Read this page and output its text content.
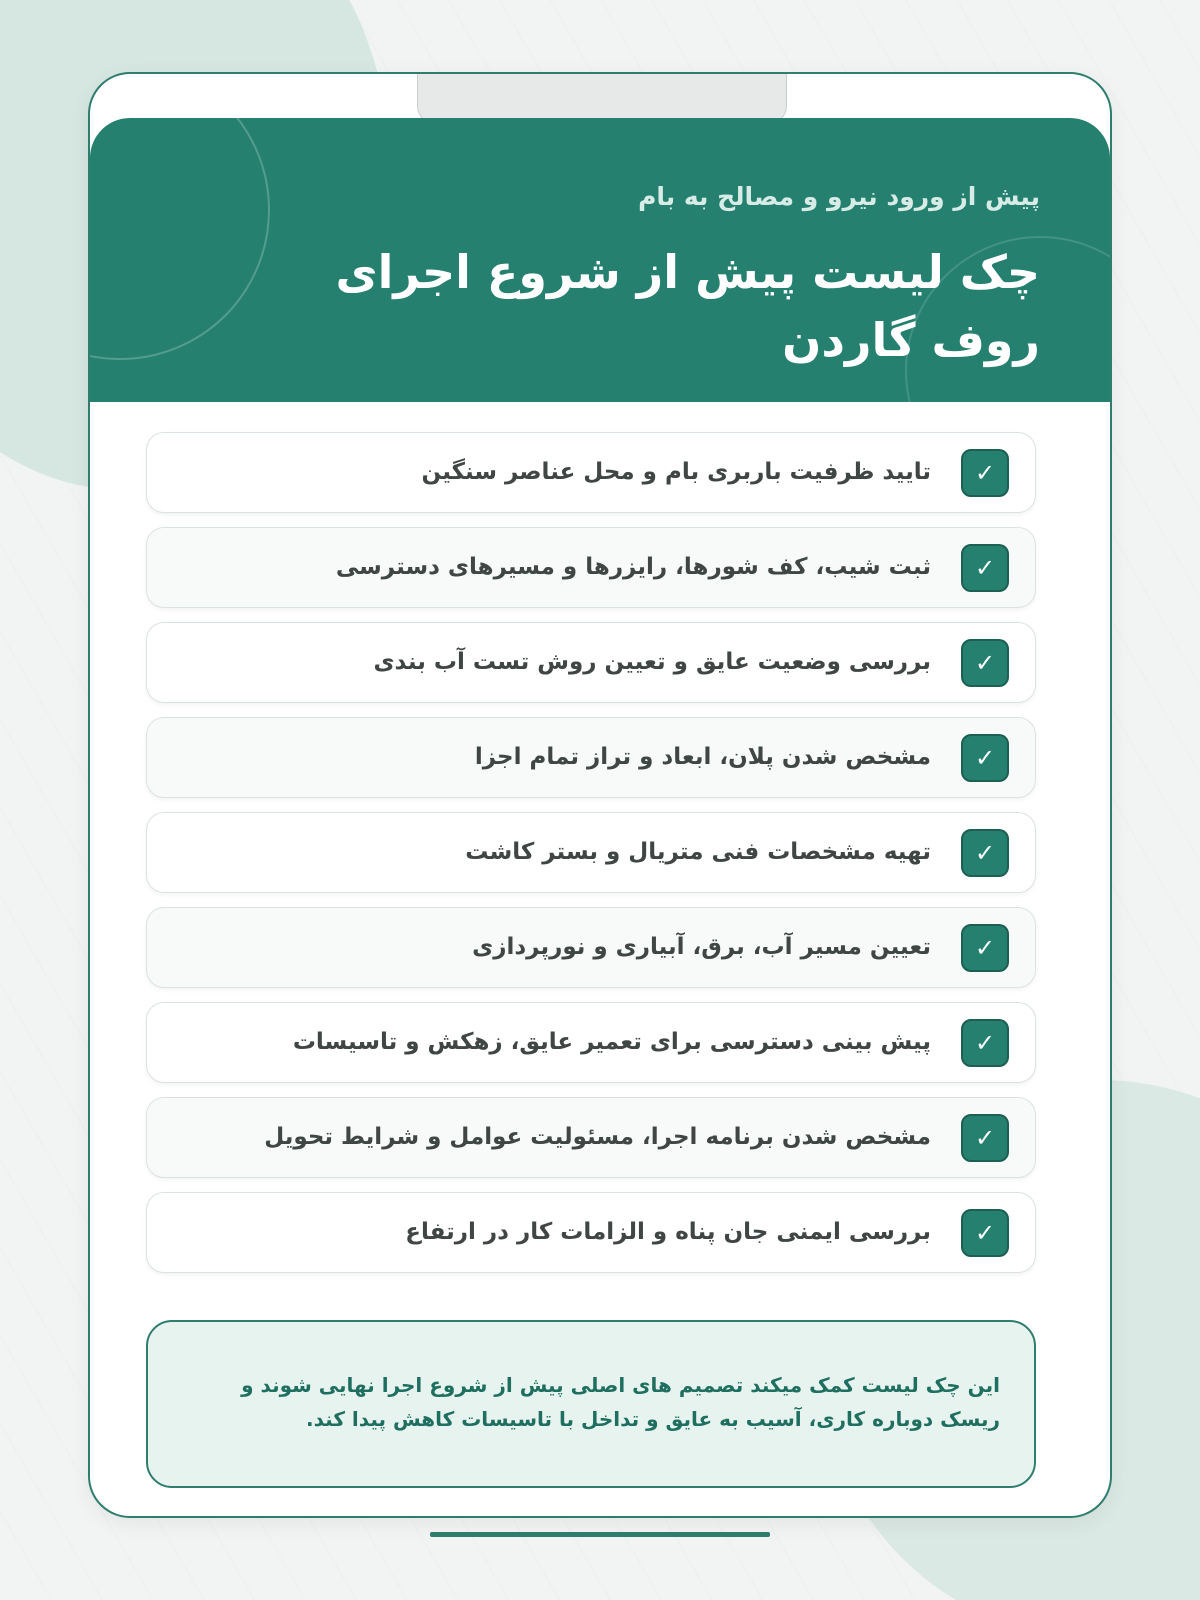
پیش از ورود نیرو و مصالح به بام
چک لیست پیش از شروع اجرای روف گاردن
✓
تایید ظرفیت باربری بام و محل عناصر سنگین
✓
ثبت شیب، کف شورها، رایزرها و مسیرهای دسترسی
✓
بررسی وضعیت عایق و تعیین روش تست آب بندی
✓
مشخص شدن پلان، ابعاد و تراز تمام اجزا
✓
تهیه مشخصات فنی متریال و بستر کاشت
✓
تعیین مسیر آب، برق، آبیاری و نورپردازی
✓
پیش بینی دسترسی برای تعمیر عایق، زهکش و تاسیسات
✓
مشخص شدن برنامه اجرا، مسئولیت عوامل و شرایط تحویل
✓
بررسی ایمنی جان پناه و الزامات کار در ارتفاع
این چک لیست کمک میکند تصمیم های اصلی پیش از شروع اجرا نهایی شوند و ریسک دوباره کاری، آسیب به عایق و تداخل با تاسیسات کاهش پیدا کند.
